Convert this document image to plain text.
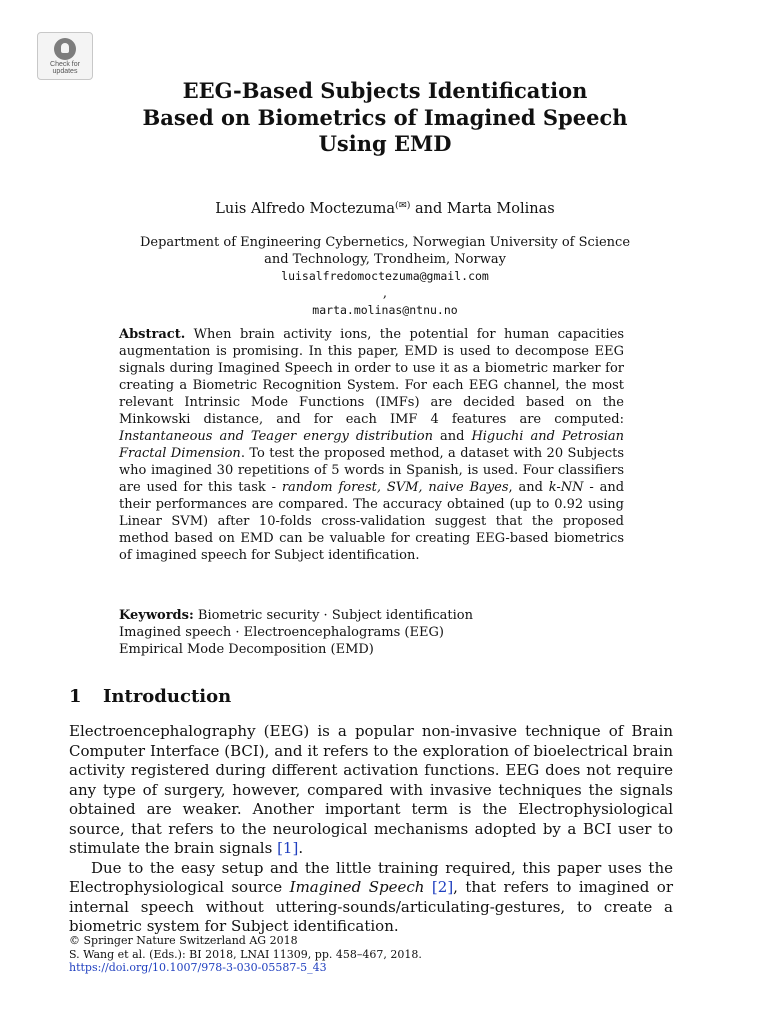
Check for
updates
EEG-Based Subjects Identification
Based on Biometrics of Imagined Speech
Using EMD
Luis Alfredo Moctezuma(✉) and Marta Molinas
Department of Engineering Cybernetics, Norwegian University of Science
and Technology, Trondheim, Norway
luisalfredomoctezuma@gmail.com
,
marta.molinas@ntnu.no
Abstract. When brain activity ions, the potential for human capacities augmentation is promising. In this paper, EMD is used to decompose EEG signals during Imagined Speech in order to use it as a biometric marker for creating a Biometric Recognition System. For each EEG channel, the most relevant Intrinsic Mode Functions (IMFs) are decided based on the Minkowski distance, and for each IMF 4 features are computed: Instantaneous and Teager energy distribution and Higuchi and Petrosian Fractal Dimension. To test the proposed method, a dataset with 20 Subjects who imagined 30 repetitions of 5 words in Spanish, is used. Four classifiers are used for this task - random forest, SVM, naive Bayes, and k-NN - and their performances are compared. The accuracy obtained (up to 0.92 using Linear SVM) after 10-folds cross-validation suggest that the proposed method based on EMD can be valuable for creating EEG-based biometrics of imagined speech for Subject identification.
Keywords: Biometric security · Subject identification
Imagined speech · Electroencephalograms (EEG)
Empirical Mode Decomposition (EMD)
1 Introduction

Electroencephalography (EEG) is a popular non-invasive technique of Brain Computer Interface (BCI), and it refers to the exploration of bioelectrical brain activity registered during different activation functions. EEG does not require any type of surgery, however, compared with invasive techniques the signals obtained are weaker. Another important term is the Electrophysiological source, that refers to the neurological mechanisms adopted by a BCI user to stimulate the brain signals [1].

Due to the easy setup and the little training required, this paper uses the Electrophysiological source Imagined Speech [2], that refers to imagined or internal speech without uttering-sounds/articulating-gestures, to create a biometric system for Subject identification.

© Springer Nature Switzerland AG 2018
S. Wang et al. (Eds.): BI 2018, LNAI 11309, pp. 458–467, 2018.
https://doi.org/10.1007/978-3-030-05587-5_43
